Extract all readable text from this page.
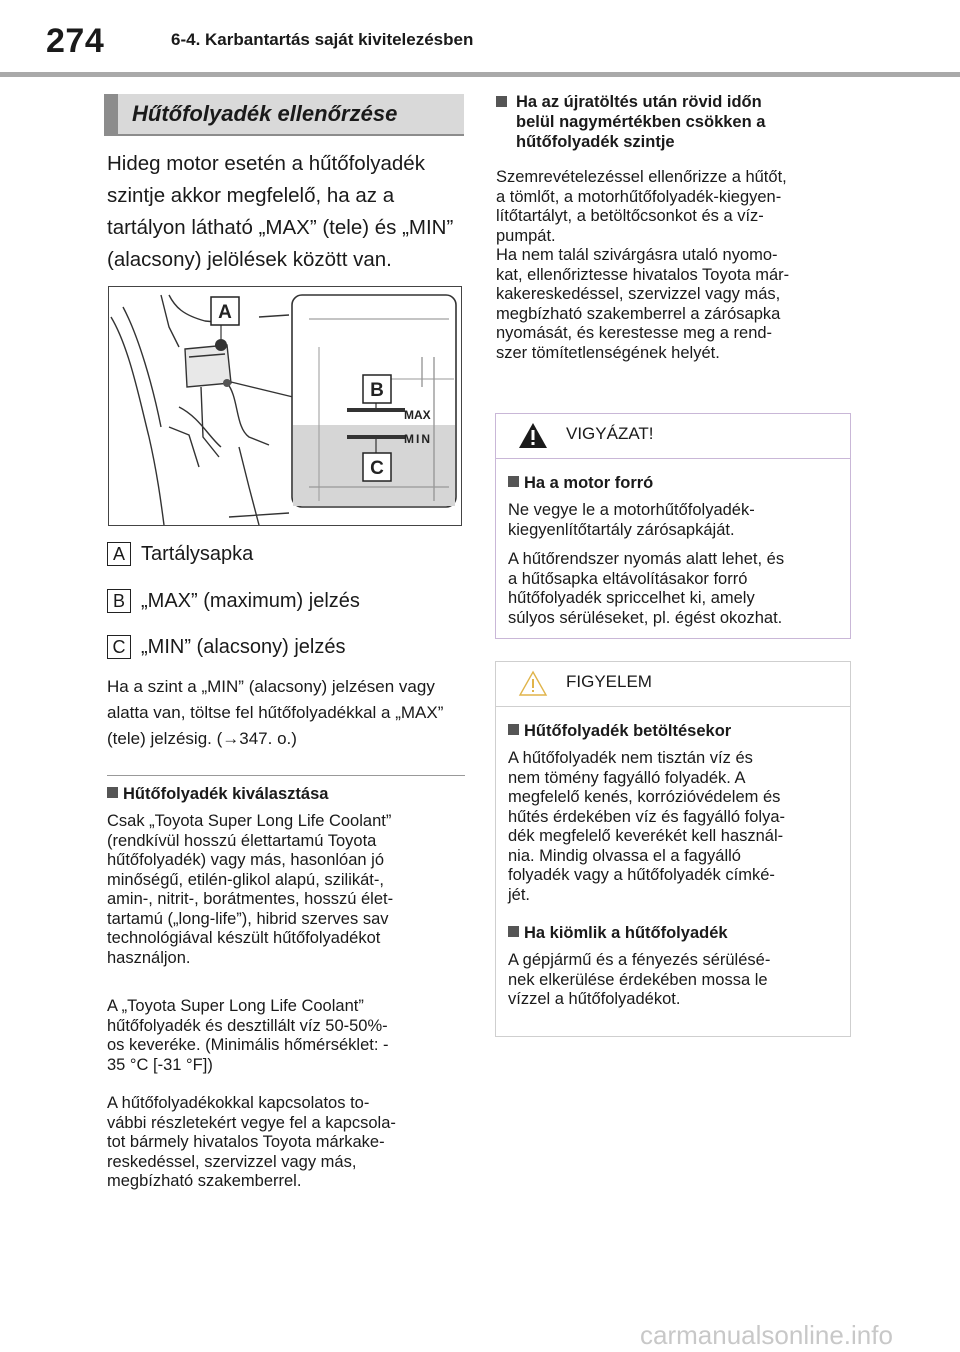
274	6-4. Karbantartás saját kivitelezésben
Hűtőfolyadék ellenőrzése
Hideg motor esetén a hűtőfolyadék szintje akkor megfelelő, ha az a tartályon látható „MAX” (tele) és „MIN” (alacsony) jelölések között van.
MAX
MIN
A
B
C
A Tartálysapka
B „MAX” (maximum) jelzés
C „MIN” (alacsony) jelzés
Ha a szint a „MIN” (alacsony) jelzésen vagy alatta van, töltse fel hűtőfolyadékkal a „MAX” (tele) jelzésig. (→347. o.)
Hűtőfolyadék kiválasztása

Csak „Toyota Super Long Life Coolant”
(rendkívül hosszú élettartamú Toyota
hűtőfolyadék) vagy más, hasonlóan jó
minőségű, etilén-glikol alapú, szilikát-,
amin-, nitrit-, borátmentes, hosszú élet-
tartamú („long-life”), hibrid szerves sav
technológiával készült hűtőfolyadékot
használjon.

A „Toyota Super Long Life Coolant”
hűtőfolyadék és desztillált víz 50-50%-
os keveréke. (Minimális hőmérséklet: -
35 °C [-31 °F])

A hűtőfolyadékokkal kapcsolatos to-
vábbi részletekért vegye fel a kapcsola-
tot bármely hivatalos Toyota márkake-
reskedéssel, szervizzel vagy más,
megbízható szakemberrel.

Ha az újratöltés után rövid időn
belül nagymértékben csökken a
hűtőfolyadék szintje

Szemrevételezéssel ellenőrizze a hűtőt,
a tömlőt, a motorhűtőfolyadék-kiegyen-
lítőtartályt, a betöltőcsonkot és a víz-
pumpát.
Ha nem talál szivárgásra utaló nyomo-
kat, ellenőriztesse hivatalos Toyota már-
kakereskedéssel, szervizzel vagy más,
megbízható szakemberrel a zárósapka
nyomását, és kerestesse meg a rend-
szer tömítetlenségének helyét.

VIGYÁZAT!
Ha a motor forró

Ne vegye le a motorhűtőfolyadék-
kiegyenlítőtartály zárósapkáját.

A hűtőrendszer nyomás alatt lehet, és
a hűtősapka eltávolításakor forró
hűtőfolyadék spriccelhet ki, amely
súlyos sérüléseket, pl. égést okozhat.

FIGYELEM
Hűtőfolyadék betöltésekor

A hűtőfolyadék nem tisztán víz és
nem tömény fagyálló folyadék. A
megfelelő kenés, korrózióvédelem és
hűtés érdekében víz és fagyálló folya-
dék megfelelő keverékét kell használ-
nia. Mindig olvassa el a fagyálló
folyadék vagy a hűtőfolyadék címké-
jét.

Ha kiömlik a hűtőfolyadék

A gépjármű és a fényezés sérülésé-
nek elkerülése érdekében mossa le
vízzel a hűtőfolyadékot.

carmanualsonline.info
